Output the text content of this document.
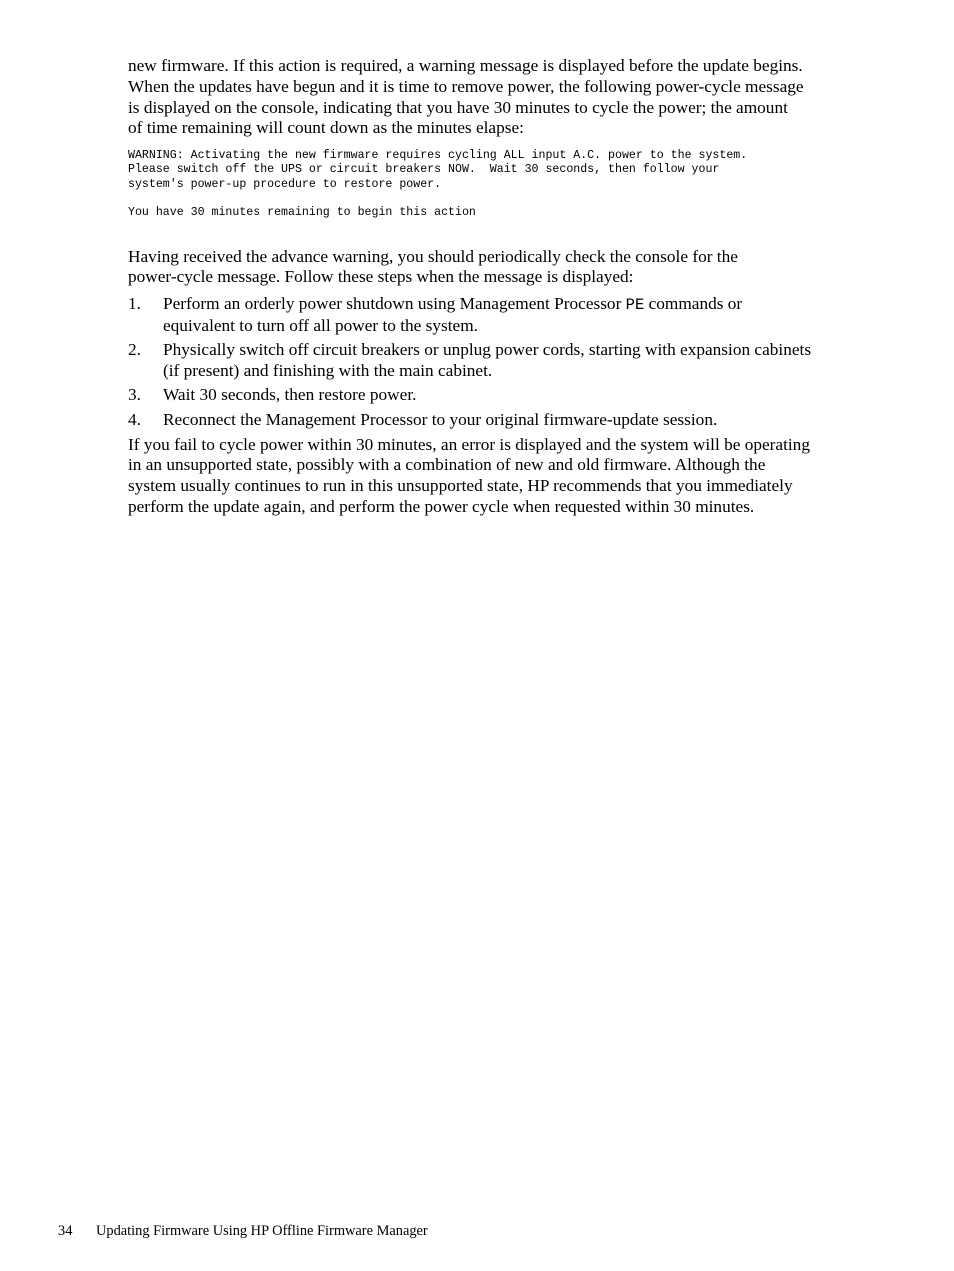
new firmware. If this action is required, a warning message is displayed before the update begins.
When the updates have begun and it is time to remove power, the following power-cycle message
is displayed on the console, indicating that you have 30 minutes to cycle the power; the amount
of time remaining will count down as the minutes elapse:

WARNING: Activating the new firmware requires cycling ALL input A.C. power to the system.
Please switch off the UPS or circuit breakers NOW.  Wait 30 seconds, then follow your
system's power-up procedure to restore power.
You have 30 minutes remaining to begin this action

Having received the advance warning, you should periodically check the console for the
power-cycle message. Follow these steps when the message is displayed:

1. Perform an orderly power shutdown using Management Processor PE commands or
equivalent to turn off all power to the system.
2. Physically switch off circuit breakers or unplug power cords, starting with expansion cabinets
(if present) and finishing with the main cabinet.
3. Wait 30 seconds, then restore power.
4. Reconnect the Management Processor to your original firmware-update session.

If you fail to cycle power within 30 minutes, an error is displayed and the system will be operating
in an unsupported state, possibly with a combination of new and old firmware. Although the
system usually continues to run in this unsupported state, HP recommends that you immediately
perform the update again, and perform the power cycle when requested within 30 minutes.

34 Updating Firmware Using HP Offline Firmware Manager
